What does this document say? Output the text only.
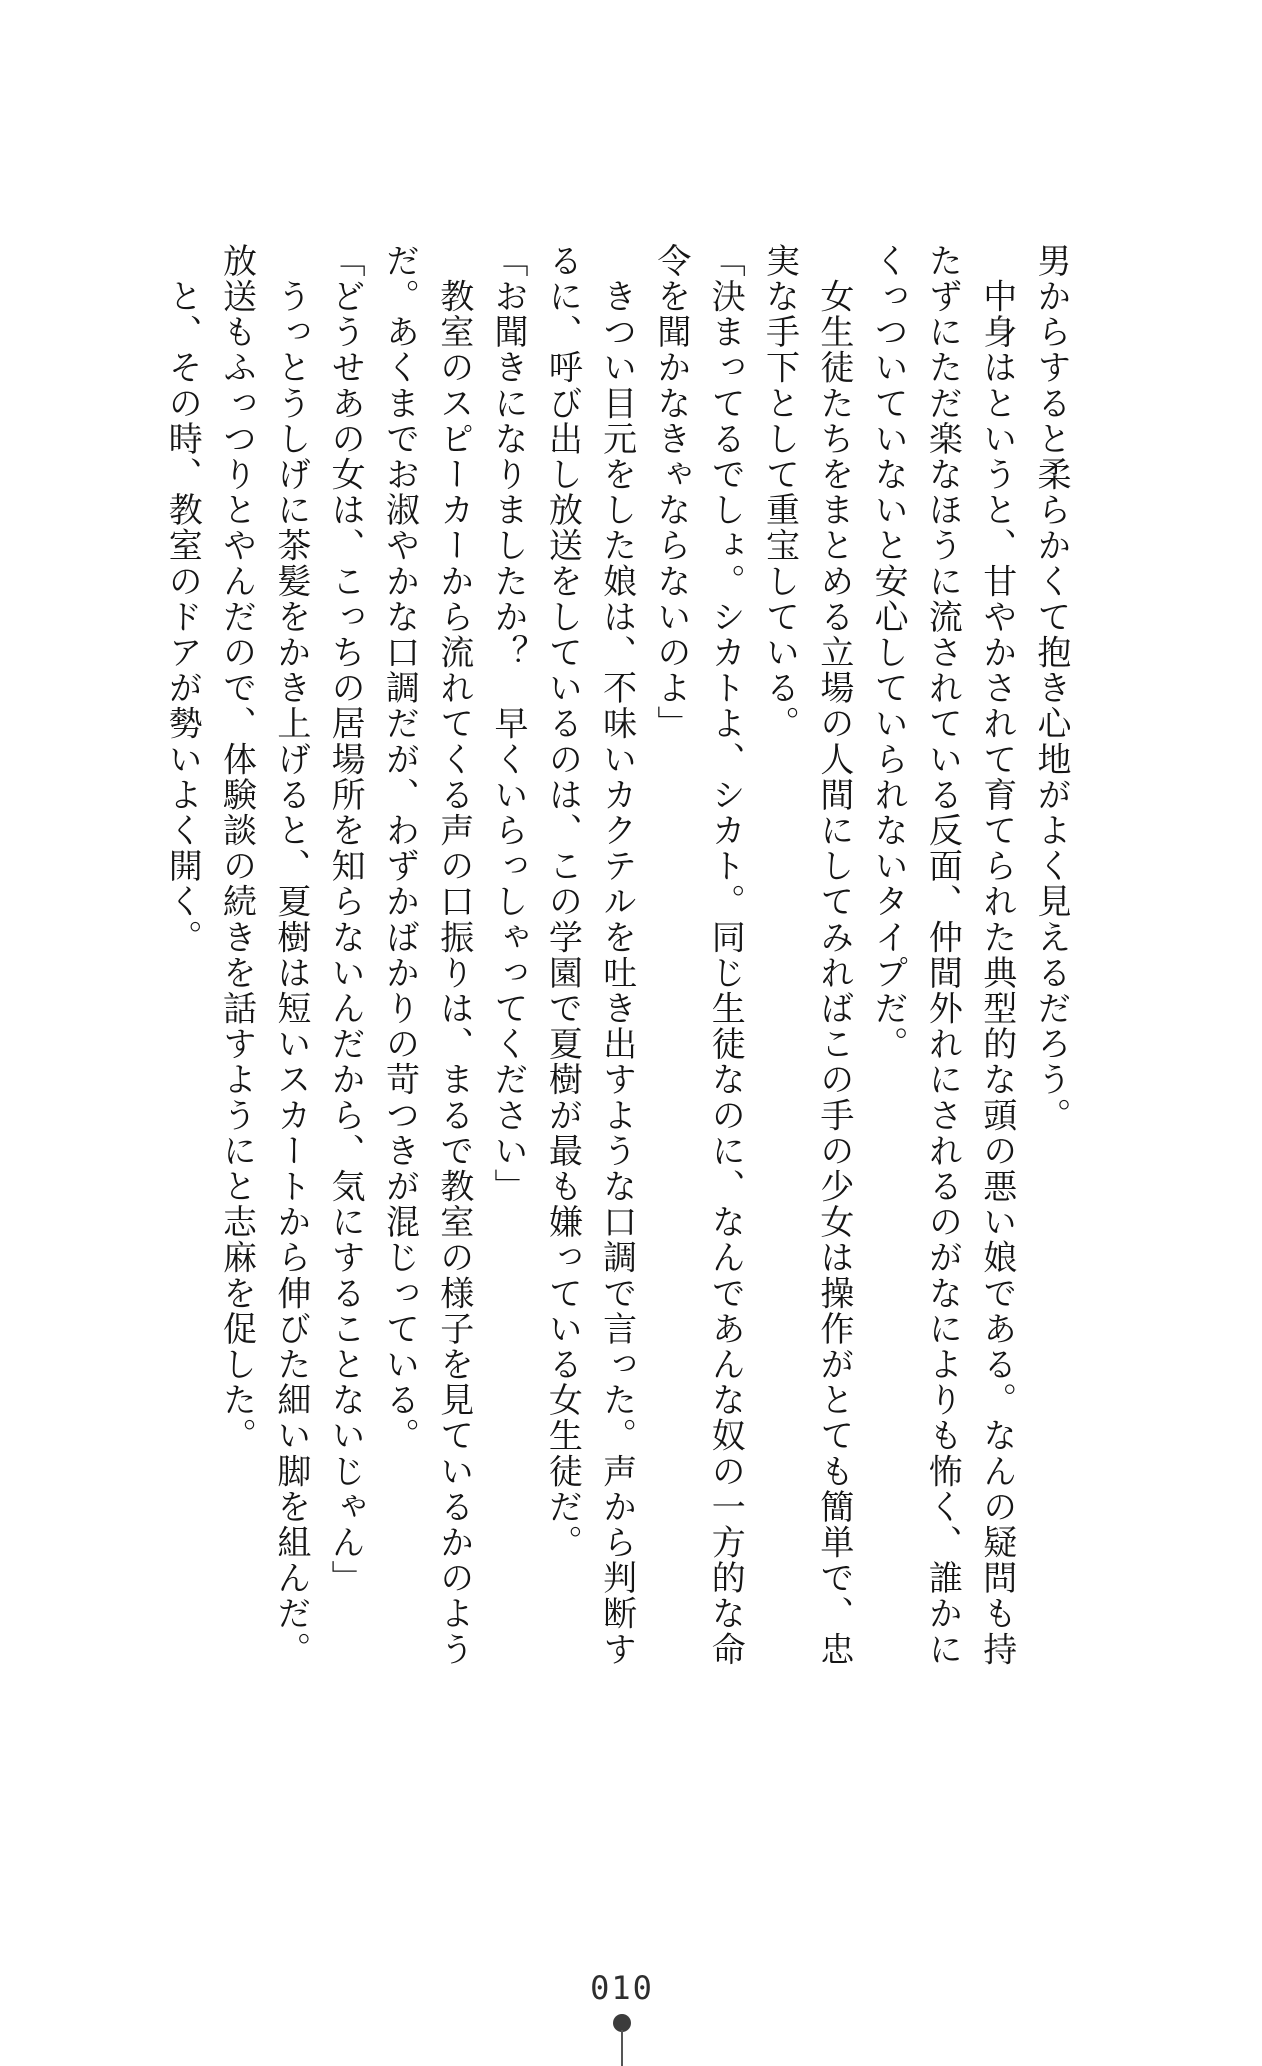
男からすると柔らかくて抱き心地がよく見えるだろう。
　中身はというと、甘やかされて育てられた典型的な頭の悪い娘である。なんの疑問も持
たずにただ楽なほうに流されている反面、仲間外れにされるのがなによりも怖く、誰かに
くっついていないと安心していられないタイプだ。
　女生徒たちをまとめる立場の人間にしてみればこの手の少女は操作がとても簡単で、忠
実な手下として重宝している。
「決まってるでしょ。シカトよ、シカト。同じ生徒なのに、なんであんな奴の一方的な命
令を聞かなきゃならないのよ」
　きつい目元をした娘は、不味いカクテルを吐き出すような口調で言った。声から判断す
るに、呼び出し放送をしているのは、この学園で夏樹が最も嫌っている女生徒だ。
「お聞きになりましたか？　早くいらっしゃってください」
　教室のスピーカーから流れてくる声の口振りは、まるで教室の様子を見ているかのよう
だ。あくまでお淑やかな口調だが、わずかばかりの苛つきが混じっている。
「どうせあの女は、こっちの居場所を知らないんだから、気にすることないじゃん」
　うっとうしげに茶髪をかき上げると、夏樹は短いスカートから伸びた細い脚を組んだ。
放送もふっつりとやんだので、体験談の続きを話すようにと志麻を促した。
　と、その時、教室のドアが勢いよく開く。
010
